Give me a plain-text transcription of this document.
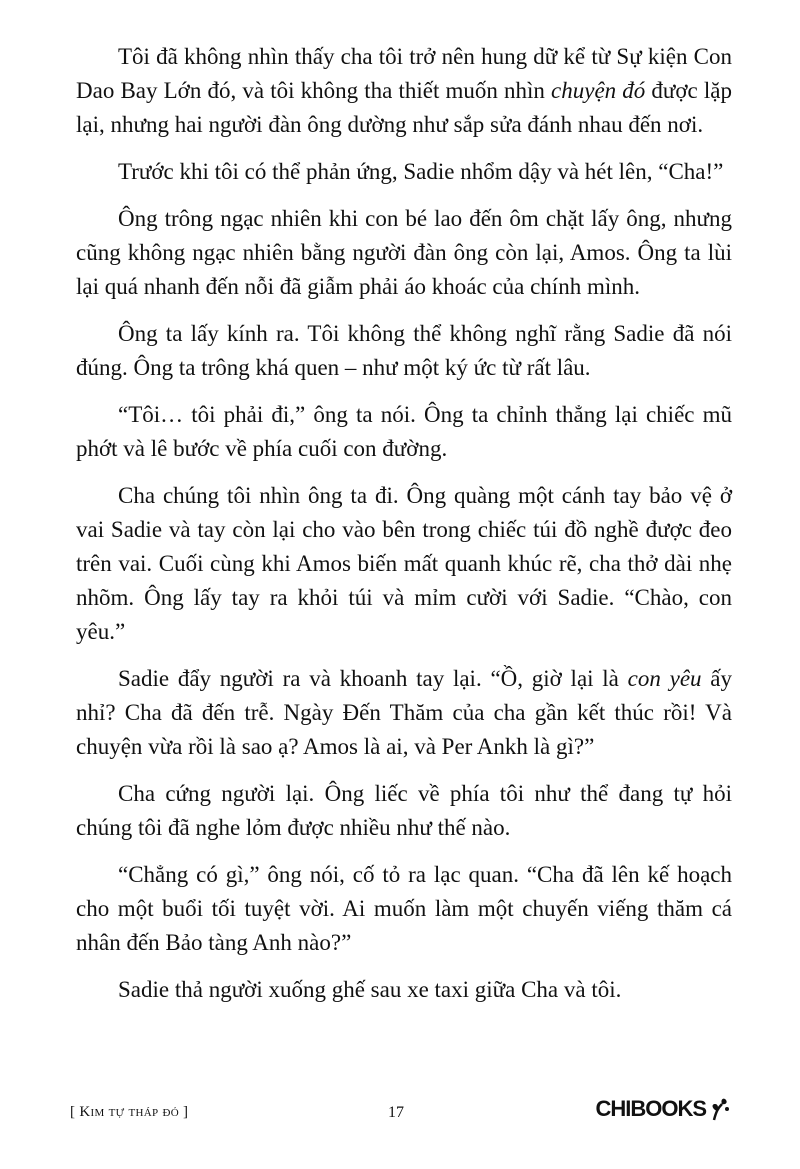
Tôi đã không nhìn thấy cha tôi trở nên hung dữ kể từ Sự kiện Con Dao Bay Lớn đó, và tôi không tha thiết muốn nhìn chuyện đó được lặp lại, nhưng hai người đàn ông dường như sắp sửa đánh nhau đến nơi.

Trước khi tôi có thể phản ứng, Sadie nhổm dậy và hét lên, “Cha!”

Ông trông ngạc nhiên khi con bé lao đến ôm chặt lấy ông, nhưng cũng không ngạc nhiên bằng người đàn ông còn lại, Amos. Ông ta lùi lại quá nhanh đến nỗi đã giẫm phải áo khoác của chính mình.

Ông ta lấy kính ra. Tôi không thể không nghĩ rằng Sadie đã nói đúng. Ông ta trông khá quen – như một ký ức từ rất lâu.

“Tôi… tôi phải đi,” ông ta nói. Ông ta chỉnh thẳng lại chiếc mũ phớt và lê bước về phía cuối con đường.

Cha chúng tôi nhìn ông ta đi. Ông quàng một cánh tay bảo vệ ở vai Sadie và tay còn lại cho vào bên trong chiếc túi đồ nghề được đeo trên vai. Cuối cùng khi Amos biến mất quanh khúc rẽ, cha thở dài nhẹ nhõm. Ông lấy tay ra khỏi túi và mỉm cười với Sadie. “Chào, con yêu.”

Sadie đẩy người ra và khoanh tay lại. “Ồ, giờ lại là con yêu ấy nhỉ? Cha đã đến trễ. Ngày Đến Thăm của cha gần kết thúc rồi! Và chuyện vừa rồi là sao ạ? Amos là ai, và Per Ankh là gì?”

Cha cứng người lại. Ông liếc về phía tôi như thể đang tự hỏi chúng tôi đã nghe lỏm được nhiều như thế nào.

“Chẳng có gì,” ông nói, cố tỏ ra lạc quan. “Cha đã lên kế hoạch cho một buổi tối tuyệt vời. Ai muốn làm một chuyến viếng thăm cá nhân đến Bảo tàng Anh nào?”

Sadie thả người xuống ghế sau xe taxi giữa Cha và tôi.

[ Kim tự tháp đỏ ]	17	CHIBOOKS
